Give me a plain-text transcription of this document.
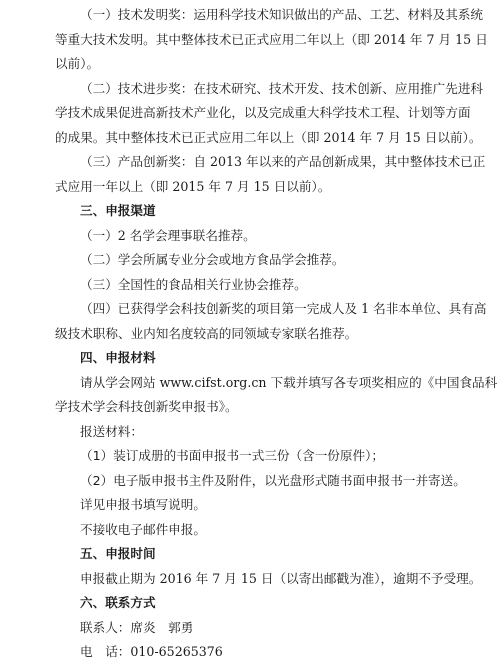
（一）技术发明奖：运用科学技术知识做出的产品、工艺、材料及其系统
等重大技术发明。其中整体技术已正式应用二年以上（即 2014 年 7 月 15 日
以前）。
（二）技术进步奖：在技术研究、技术开发、技术创新、应用推广先进科
学技术成果促进高新技术产业化，以及完成重大科学技术工程、计划等方面
的成果。其中整体技术已正式应用二年以上（即 2014 年 7 月 15 日以前）。
（三）产品创新奖：自 2013 年以来的产品创新成果，其中整体技术已正
式应用一年以上（即 2015 年 7 月 15 日以前）。
三、申报渠道
（一）2 名学会理事联名推荐。
（二）学会所属专业分会或地方食品学会推荐。
（三）全国性的食品相关行业协会推荐。
（四）已获得学会科技创新奖的项目第一完成人及 1 名非本单位、具有高
级技术职称、业内知名度较高的同领域专家联名推荐。
四、申报材料
请从学会网站 www.cifst.org.cn 下载并填写各专项奖相应的《中国食品科
学技术学会科技创新奖申报书》。
报送材料：
（1）装订成册的书面申报书一式三份（含一份原件）；
（2）电子版申报书主件及附件，以光盘形式随书面申报书一并寄送。
详见申报书填写说明。
不接收电子邮件申报。
五、申报时间
申报截止期为 2016 年 7 月 15 日（以寄出邮戳为准），逾期不予受理。
六、联系方式
联系人：席炎　郭勇
电　话：010-65265376
